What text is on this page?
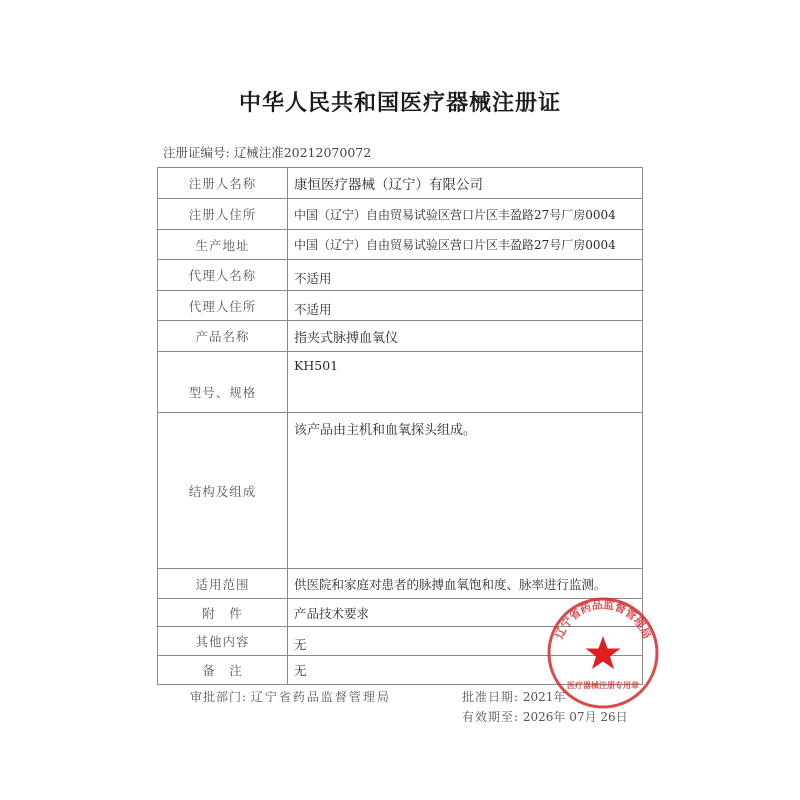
中华人民共和国医疗器械注册证
注册证编号: 辽械注准20212070072
注册人名称	康恒医疗器械（辽宁）有限公司
注册人住所	中国（辽宁）自由贸易试验区营口片区丰盈路27号厂房0004
生产地址	中国（辽宁）自由贸易试验区营口片区丰盈路27号厂房0004
代理人名称	不适用
代理人住所	不适用
产品名称	指夹式脉搏血氧仪
型号、规格	KH501
结构及组成	该产品由主机和血氧探头组成。
适用范围	供医院和家庭对患者的脉搏血氧饱和度、脉率进行监测。
附　件	产品技术要求
其他内容	无
备　注	无
审批部门: 辽宁省药品监督管理局	批准日期: 2021年
有效期至: 2026年 07月 26日
辽宁省药品监督管理局
医疗器械注册专用章
